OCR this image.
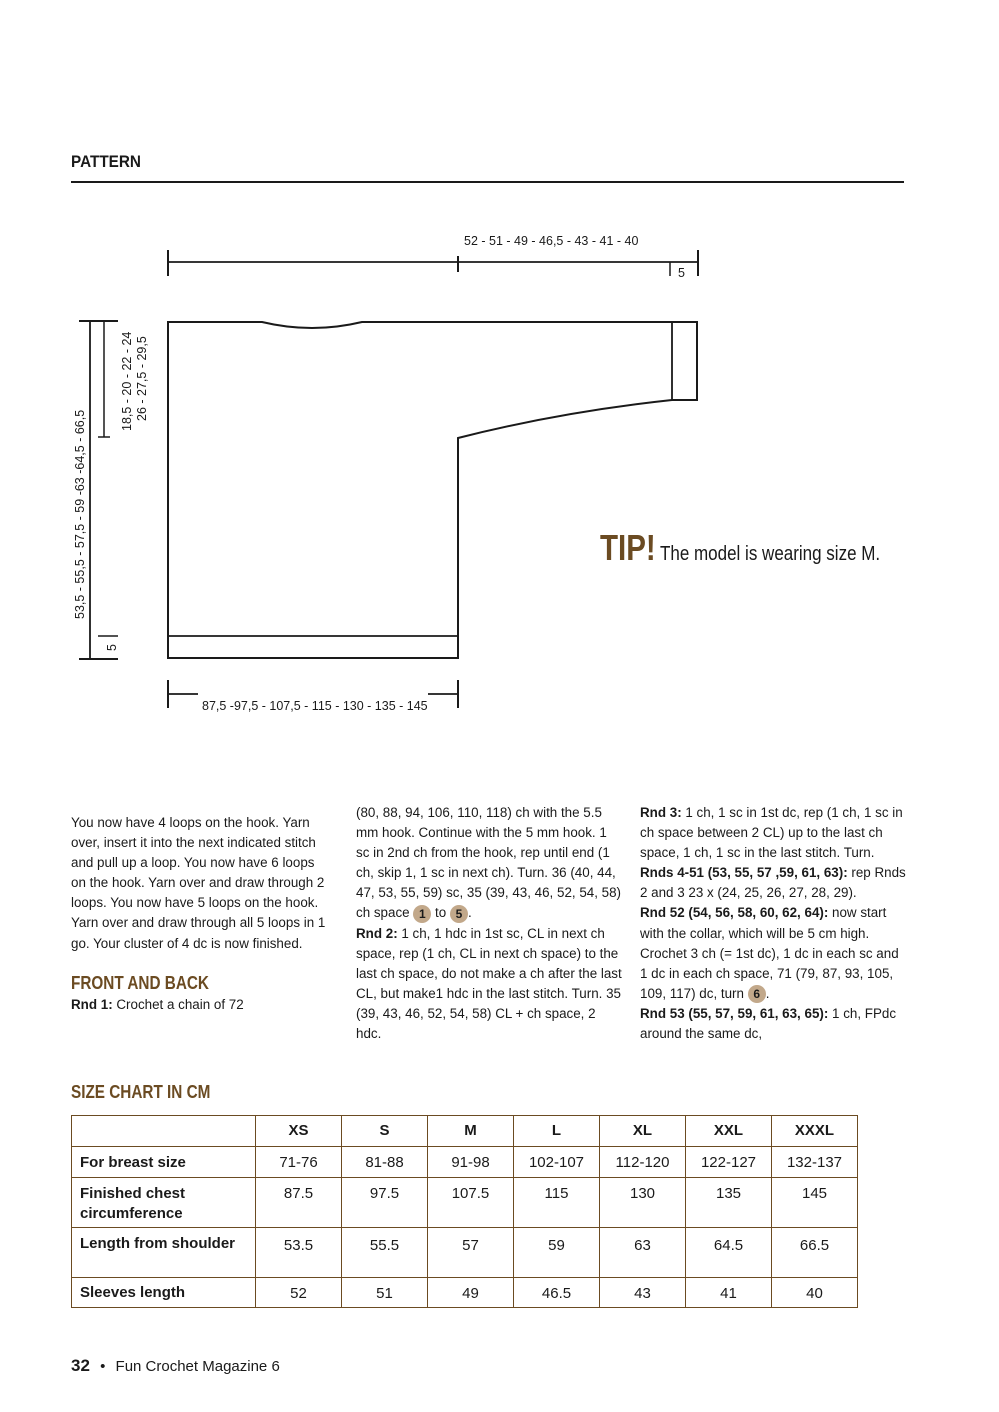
PATTERN
52 - 51 - 49 - 46,5 - 43 - 41 - 40
5
87,5 -97,5 - 107,5 - 115 - 130 - 135 - 145
53,5 - 55,5 - 57,5 - 59 -63 -64,5 - 66,5
18,5 - 20 - 22 - 24 26 - 27,5 - 29,5
5
TIP! The model is wearing size M.

You now have 4 loops on the hook. Yarn over, insert it into the next indicated stitch and pull up a loop. You now have 6 loops on the hook. Yarn over and draw through 2 loops. You now have 5 loops on the hook. Yarn over and draw through all 5 loops in 1 go. Your cluster of 4 dc is now finished.

FRONT AND BACK

Rnd 1: Crochet a chain of 72

(80, 88, 94, 106, 110, 118) ch with the 5.5 mm hook. Continue with the 5 mm hook. 1 sc in 2nd ch from the hook, rep until end (1 ch, skip 1, 1 sc in next ch). Turn. 36 (40, 44, 47, 53, 55, 59) sc, 35 (39, 43, 46, 52, 54, 58) ch space 1 to 5 .

Rnd 2: 1 ch, 1 hdc in 1st sc, CL in next ch space, rep (1 ch, CL in next ch space) to the last ch space, do not make a ch after the last CL, but make1 hdc in the last stitch. Turn. 35 (39, 43, 46, 52, 54, 58) CL + ch space, 2 hdc.

Rnd 3: 1 ch, 1 sc in 1st dc, rep (1 ch, 1 sc in ch space between 2 CL) up to the last ch space, 1 ch, 1 sc in the last stitch. Turn.

Rnds 4-51 (53, 55, 57 ,59, 61, 63): rep Rnds 2 and 3 23 x (24, 25, 26, 27, 28, 29).

Rnd 52 (54, 56, 58, 60, 62, 64): now start with the collar, which will be 5 cm high. Crochet 3 ch (= 1st dc), 1 dc in each sc and 1 dc in each ch space, 71 (79, 87, 93, 105, 109, 117) dc, turn 6 .

Rnd 53 (55, 57, 59, 61, 63, 65): 1 ch, FPdc around the same dc,

SIZE CHART IN CM
	XS	S	M	L	XL	XXL	XXXL
For breast size	71-76	81-88	91-98	102-107	112-120	122-127	132-137
Finished chest circumference	87.5	97.5	107.5	115	130	135	145
Length from shoulder	53.5	55.5	57	59	63	64.5	66.5
Sleeves length	52	51	49	46.5	43	41	40
32 • Fun Crochet Magazine 6
